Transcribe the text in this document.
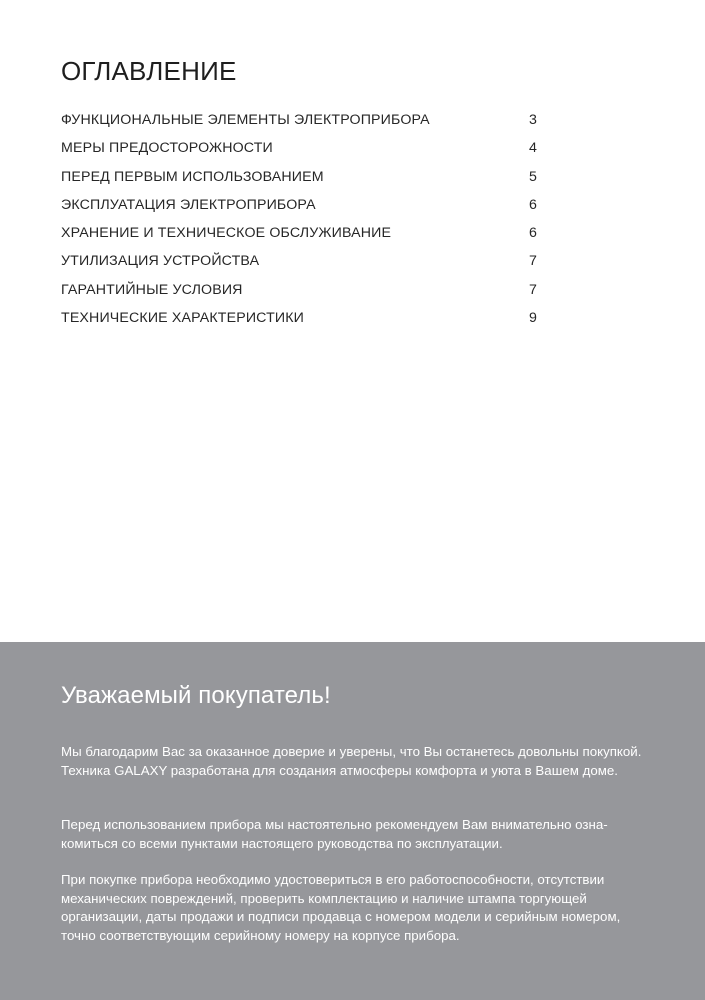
ОГЛАВЛЕНИЕ
ФУНКЦИОНАЛЬНЫЕ ЭЛЕМЕНТЫ ЭЛЕКТРОПРИБОРА	3
МЕРЫ ПРЕДОСТОРОЖНОСТИ	4
ПЕРЕД ПЕРВЫМ ИСПОЛЬЗОВАНИЕМ	5
ЭКСПЛУАТАЦИЯ ЭЛЕКТРОПРИБОРА	6
ХРАНЕНИЕ И ТЕХНИЧЕСКОЕ ОБСЛУЖИВАНИЕ	6
УТИЛИЗАЦИЯ УСТРОЙСТВА	7
ГАРАНТИЙНЫЕ УСЛОВИЯ	7
ТЕХНИЧЕСКИЕ ХАРАКТЕРИСТИКИ	9
Уважаемый покупатель!

Мы благодарим Вас за оказанное доверие и уверены, что Вы останетесь довольны покупкой. Техника GALAXY разработана для создания атмосферы комфорта и уюта в Вашем доме.

Перед использованием прибора мы настоятельно рекомендуем Вам внимательно озна-комиться со всеми пунктами настоящего руководства по эксплуатации.

При покупке прибора необходимо удостовериться в его работоспособности, отсутствии механических повреждений, проверить комплектацию и наличие штампа торгующей организации, даты продажи и подписи продавца с номером модели и серийным номером, точно соответствующим серийному номеру на корпусе прибора.
